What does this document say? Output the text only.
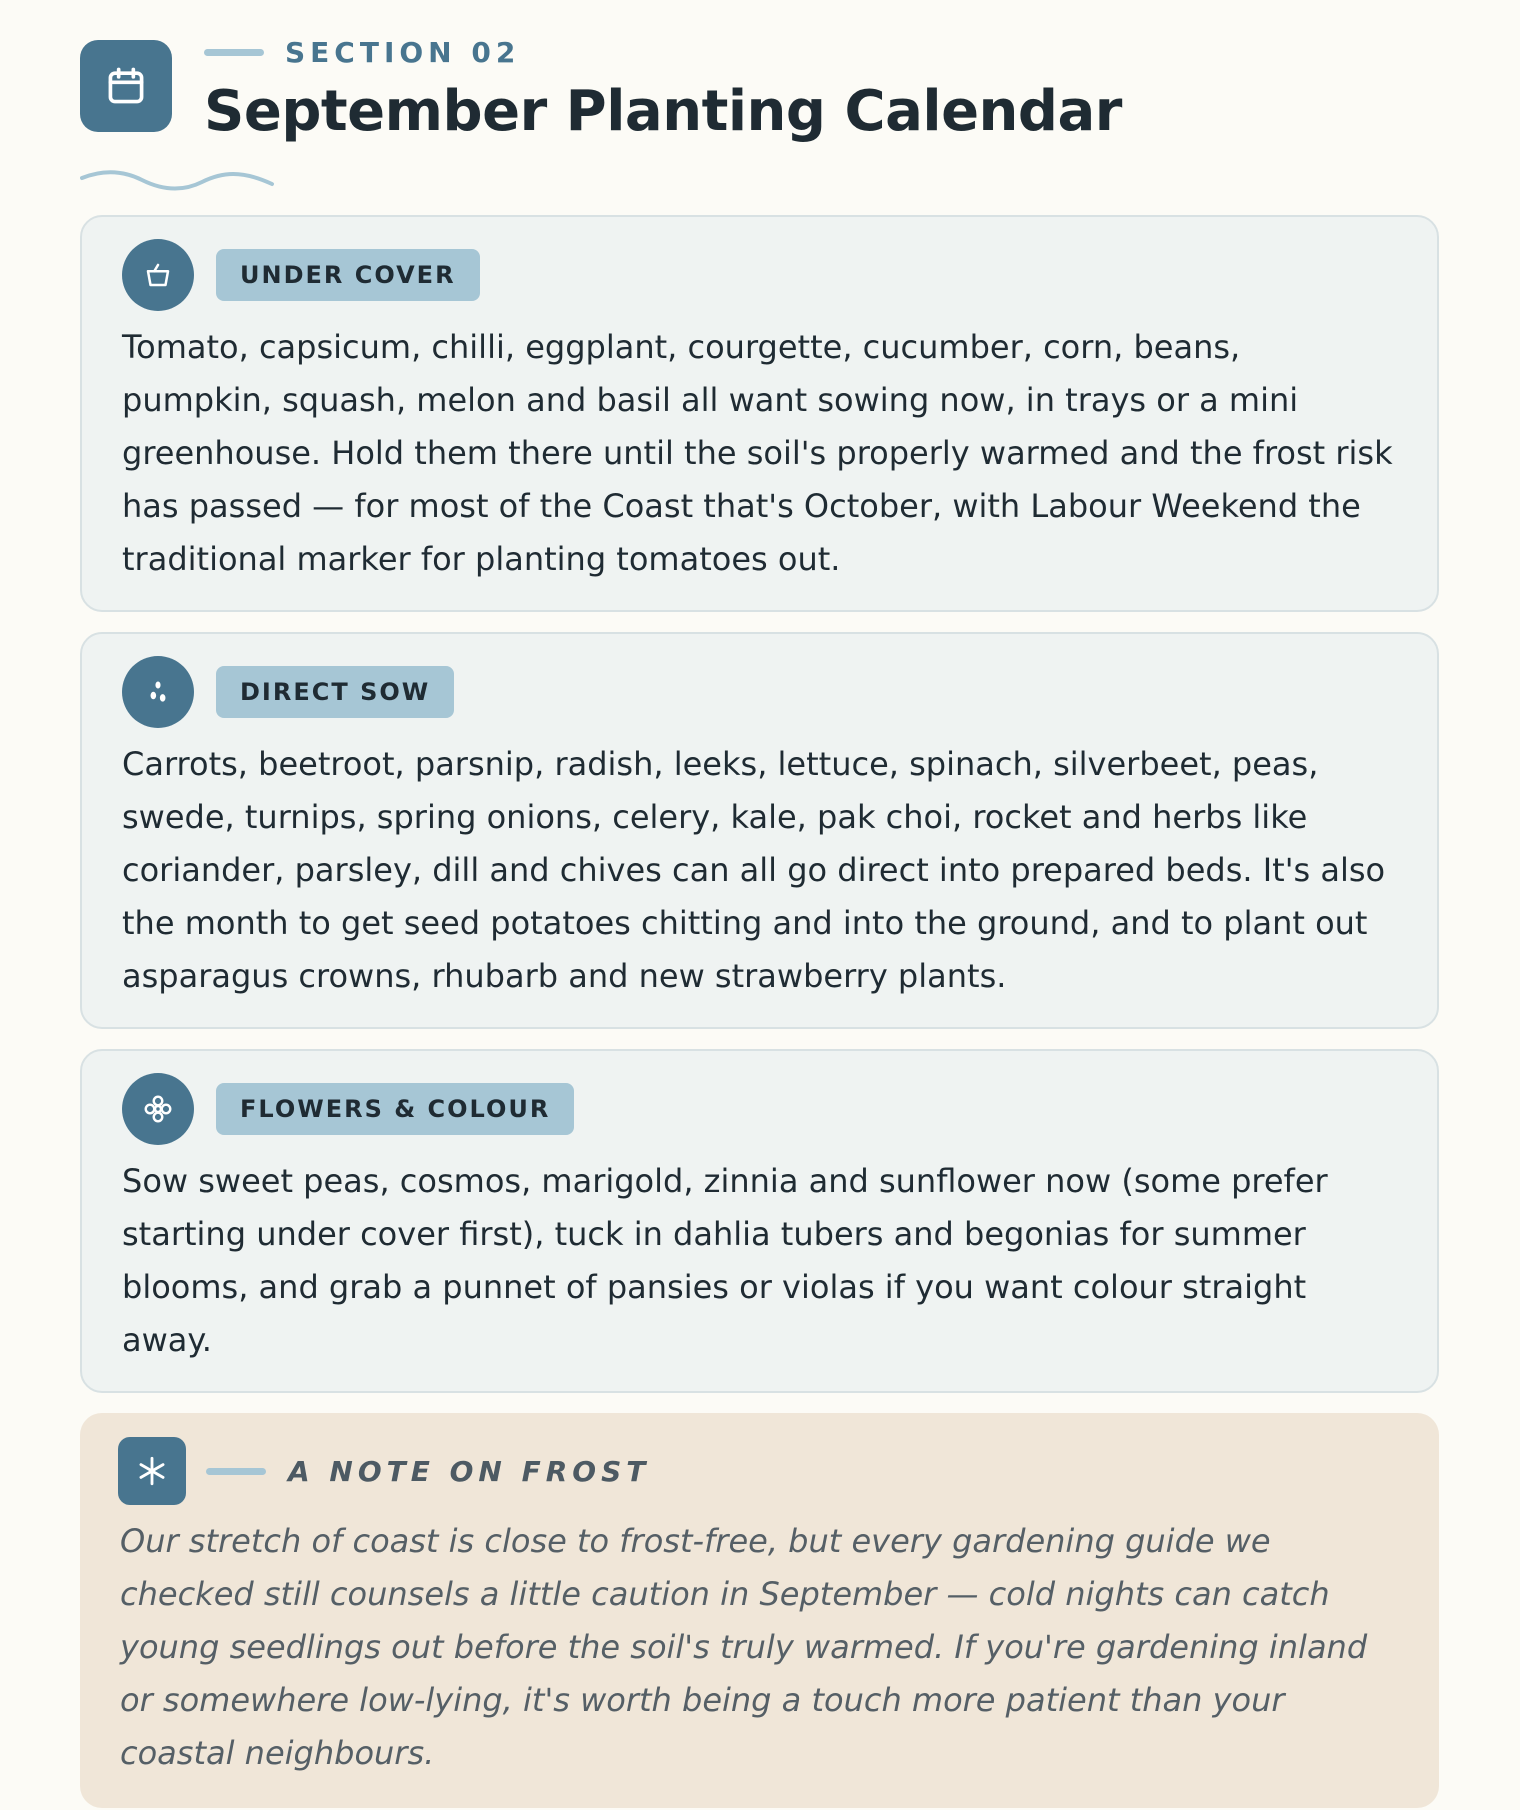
SECTION 02
September Planting Calendar
UNDER COVER

Tomato, capsicum, chilli, eggplant, courgette, cucumber, corn, beans, pumpkin, squash, melon and basil all want sowing now, in trays or a mini greenhouse. Hold them there until the soil's properly warmed and the frost risk has passed — for most of the Coast that's October, with Labour Weekend the traditional marker for planting tomatoes out.

DIRECT SOW

Carrots, beetroot, parsnip, radish, leeks, lettuce, spinach, silverbeet, peas, swede, turnips, spring onions, celery, kale, pak choi, rocket and herbs like coriander, parsley, dill and chives can all go direct into prepared beds. It's also the month to get seed potatoes chitting and into the ground, and to plant out asparagus crowns, rhubarb and new strawberry plants.

FLOWERS & COLOUR

Sow sweet peas, cosmos, marigold, zinnia and sunflower now (some prefer starting under cover first), tuck in dahlia tubers and begonias for summer blooms, and grab a punnet of pansies or violas if you want colour straight away.

A NOTE ON FROST

Our stretch of coast is close to frost-free, but every gardening guide we checked still counsels a little caution in September — cold nights can catch young seedlings out before the soil's truly warmed. If you're gardening inland or somewhere low-lying, it's worth being a touch more patient than your coastal neighbours.
